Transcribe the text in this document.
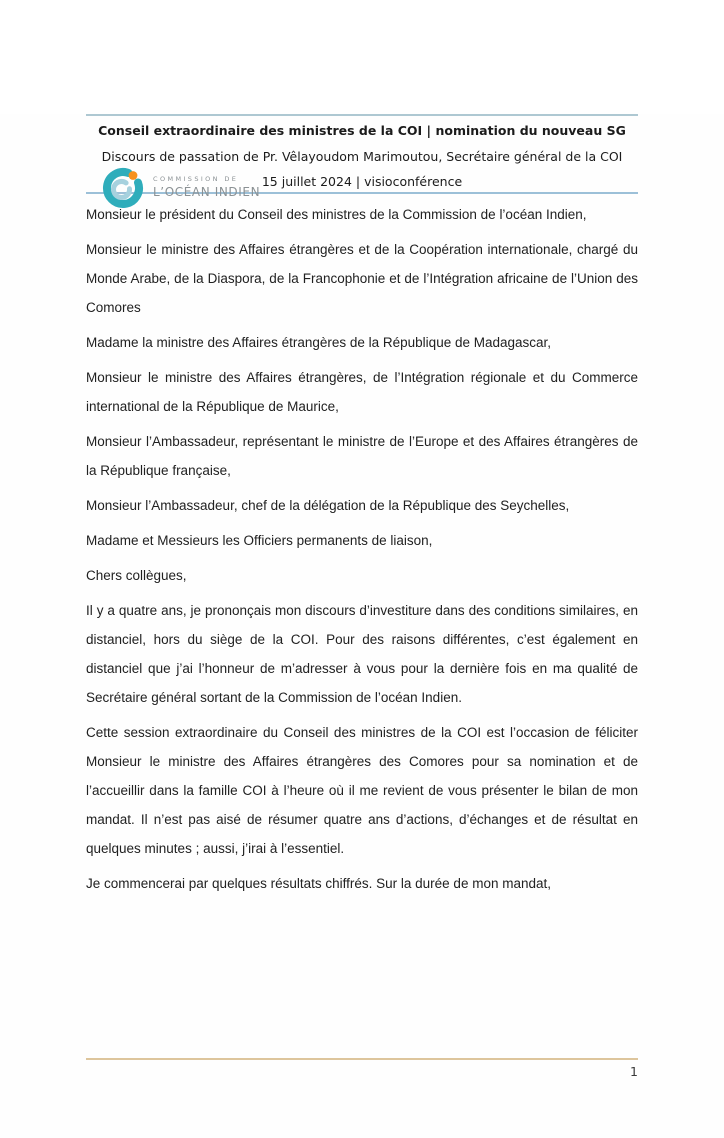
COMMISSION DE
L’OCÉAN INDIEN
Conseil extraordinaire des ministres de la COI | nomination du nouveau SG
Discours de passation de Pr. Vêlayoudom Marimoutou, Secrétaire général de la COI
15 juillet 2024 | visioconférence

Monsieur le président du Conseil des ministres de la Commission de l’océan Indien,

Monsieur le ministre des Affaires étrangères et de la Coopération internationale, chargé du Monde Arabe, de la Diaspora, de la Francophonie et de l’Intégration africaine de l’Union des Comores

Madame la ministre des Affaires étrangères de la République de Madagascar,

Monsieur le ministre des Affaires étrangères, de l’Intégration régionale et du Commerce international de la République de Maurice,

Monsieur l’Ambassadeur, représentant le ministre de l’Europe et des Affaires étrangères de la République française,

Monsieur l’Ambassadeur, chef de la délégation de la République des Seychelles,

Madame et Messieurs les Officiers permanents de liaison,

Chers collègues,

Il y a quatre ans, je prononçais mon discours d’investiture dans des conditions similaires, en distanciel, hors du siège de la COI. Pour des raisons différentes, c’est également en distanciel que j’ai l’honneur de m’adresser à vous pour la dernière fois en ma qualité de Secrétaire général sortant de la Commission de l’océan Indien.

Cette session extraordinaire du Conseil des ministres de la COI est l’occasion de féliciter Monsieur le ministre des Affaires étrangères des Comores pour sa nomination et de l’accueillir dans la famille COI à l’heure où il me revient de vous présenter le bilan de mon mandat. Il n’est pas aisé de résumer quatre ans d’actions, d’échanges et de résultat en quelques minutes ; aussi, j’irai à l’essentiel.

Je commencerai par quelques résultats chiffrés. Sur la durée de mon mandat,

1
